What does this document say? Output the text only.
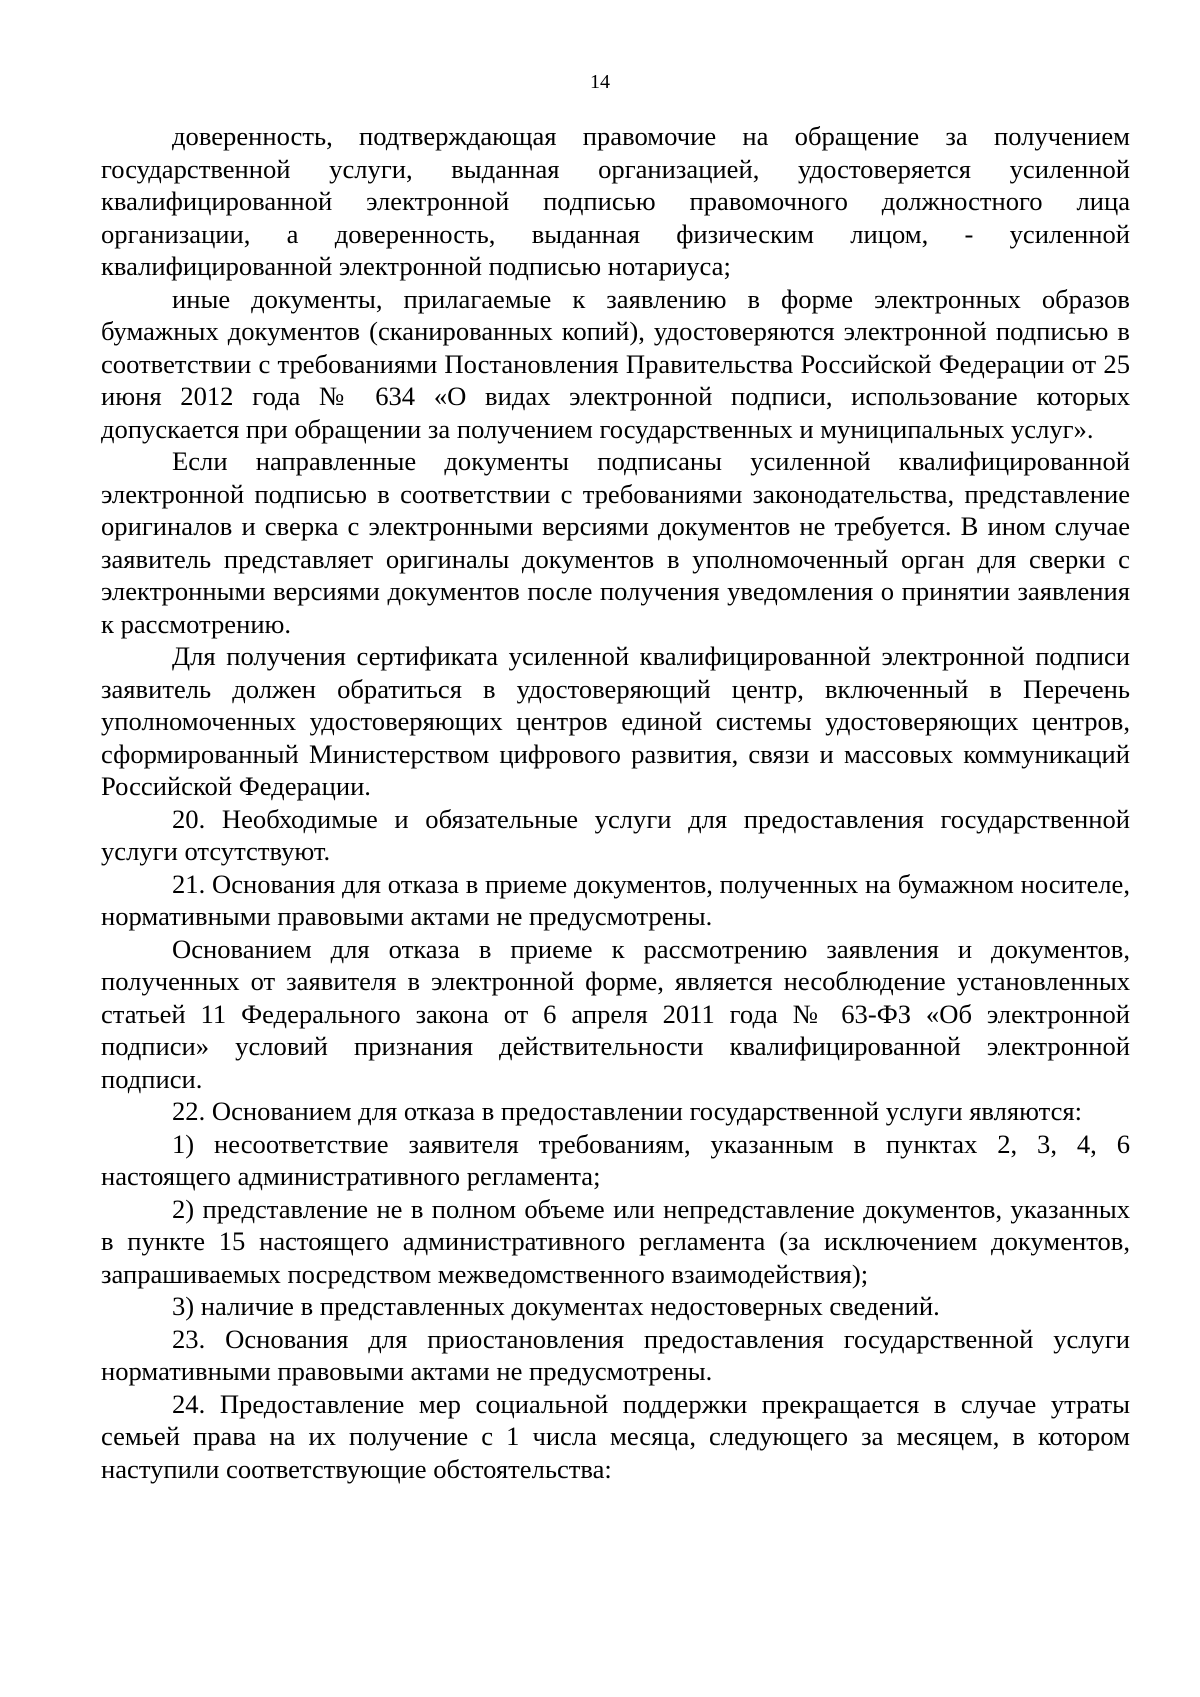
14

доверенность, подтверждающая правомочие на обращение за получением государственной услуги, выданная организацией, удостоверяется усиленной квалифицированной электронной подписью правомочного должностного лица организации, а доверенность, выданная физическим лицом, - усиленной квалифицированной электронной подписью нотариуса;

иные документы, прилагаемые к заявлению в форме электронных образов бумажных документов (сканированных копий), удостоверяются электронной подписью в соответствии с требованиями Постановления Правительства Российской Федерации от 25 июня 2012 года № 634 «О видах электронной подписи, использование которых допускается при обращении за получением государственных и муниципальных услуг».

Если направленные документы подписаны усиленной квалифицированной электронной подписью в соответствии с требованиями законодательства, представление оригиналов и сверка с электронными версиями документов не требуется. В ином случае заявитель представляет оригиналы документов в уполномоченный орган для сверки с электронными версиями документов после получения уведомления о принятии заявления к рассмотрению.

Для получения сертификата усиленной квалифицированной электронной подписи заявитель должен обратиться в удостоверяющий центр, включенный в Перечень уполномоченных удостоверяющих центров единой системы удостоверяющих центров, сформированный Министерством цифрового развития, связи и массовых коммуникаций Российской Федерации.

20. Необходимые и обязательные услуги для предоставления государственной услуги отсутствуют.

21. Основания для отказа в приеме документов, полученных на бумажном носителе, нормативными правовыми актами не предусмотрены.

Основанием для отказа в приеме к рассмотрению заявления и документов, полученных от заявителя в электронной форме, является несоблюдение установленных статьей 11 Федерального закона от 6 апреля 2011 года № 63-ФЗ «Об электронной подписи» условий признания действительности квалифицированной электронной подписи.

22. Основанием для отказа в предоставлении государственной услуги являются:

1) несоответствие заявителя требованиям, указанным в пунктах 2, 3, 4, 6 настоящего административного регламента;

2) представление не в полном объеме или непредставление документов, указанных в пункте 15 настоящего административного регламента (за исключением документов, запрашиваемых посредством межведомственного взаимодействия);

3) наличие в представленных документах недостоверных сведений.

23. Основания для приостановления предоставления государственной услуги нормативными правовыми актами не предусмотрены.

24. Предоставление мер социальной поддержки прекращается в случае утраты семьей права на их получение с 1 числа месяца, следующего за месяцем, в котором наступили соответствующие обстоятельства:
